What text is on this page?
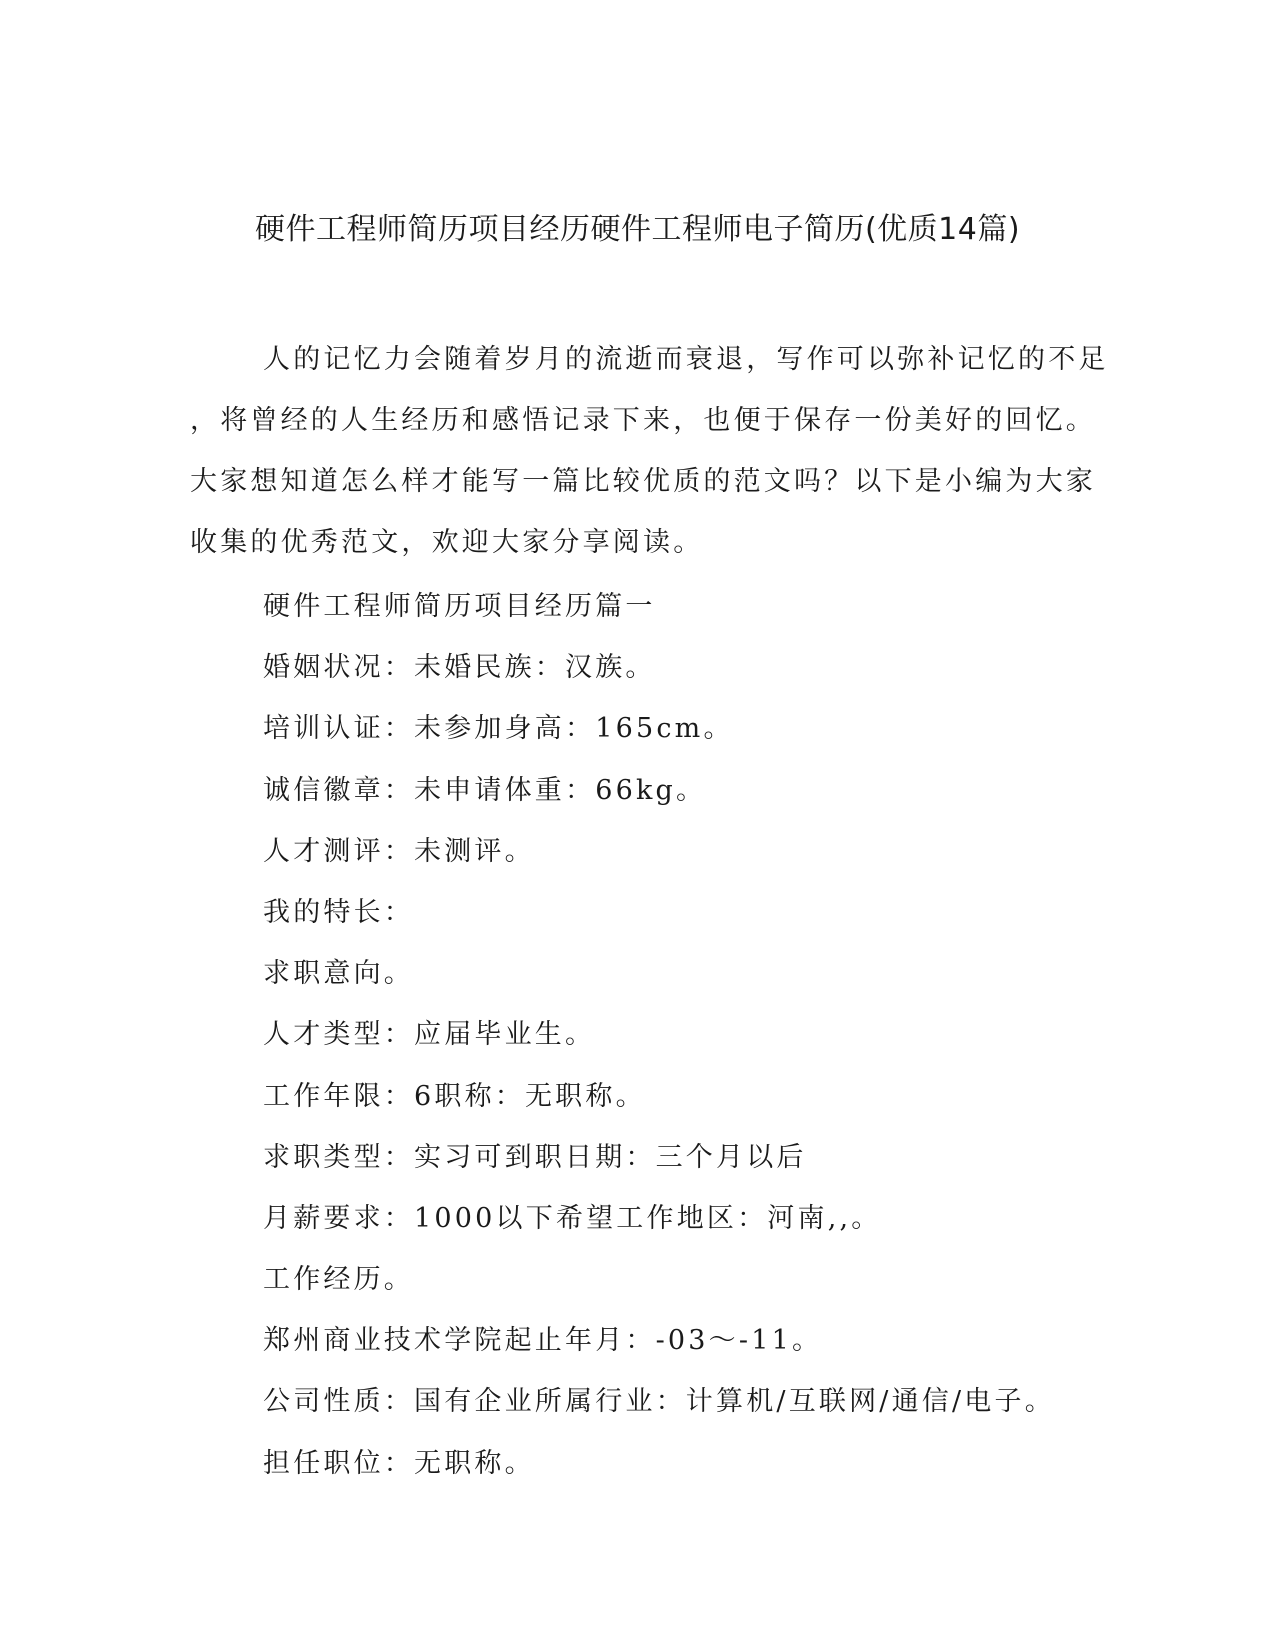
硬件工程师简历项目经历硬件工程师电子简历(优质14篇)

人的记忆力会随着岁月的流逝而衰退，写作可以弥补记忆的不足
，将曾经的人生经历和感悟记录下来，也便于保存一份美好的回忆。
大家想知道怎么样才能写一篇比较优质的范文吗？以下是小编为大家
收集的优秀范文，欢迎大家分享阅读。

硬件工程师简历项目经历篇一
婚姻状况：未婚民族：汉族。
培训认证：未参加身高：165cm。
诚信徽章：未申请体重：66kg。
人才测评：未测评。
我的特长：
求职意向。
人才类型：应届毕业生。
工作年限：6职称：无职称。
求职类型：实习可到职日期：三个月以后
月薪要求：1000以下希望工作地区：河南,,。
工作经历。
郑州商业技术学院起止年月：-03～-11。
公司性质：国有企业所属行业：计算机/互联网/通信/电子。
担任职位：无职称。
